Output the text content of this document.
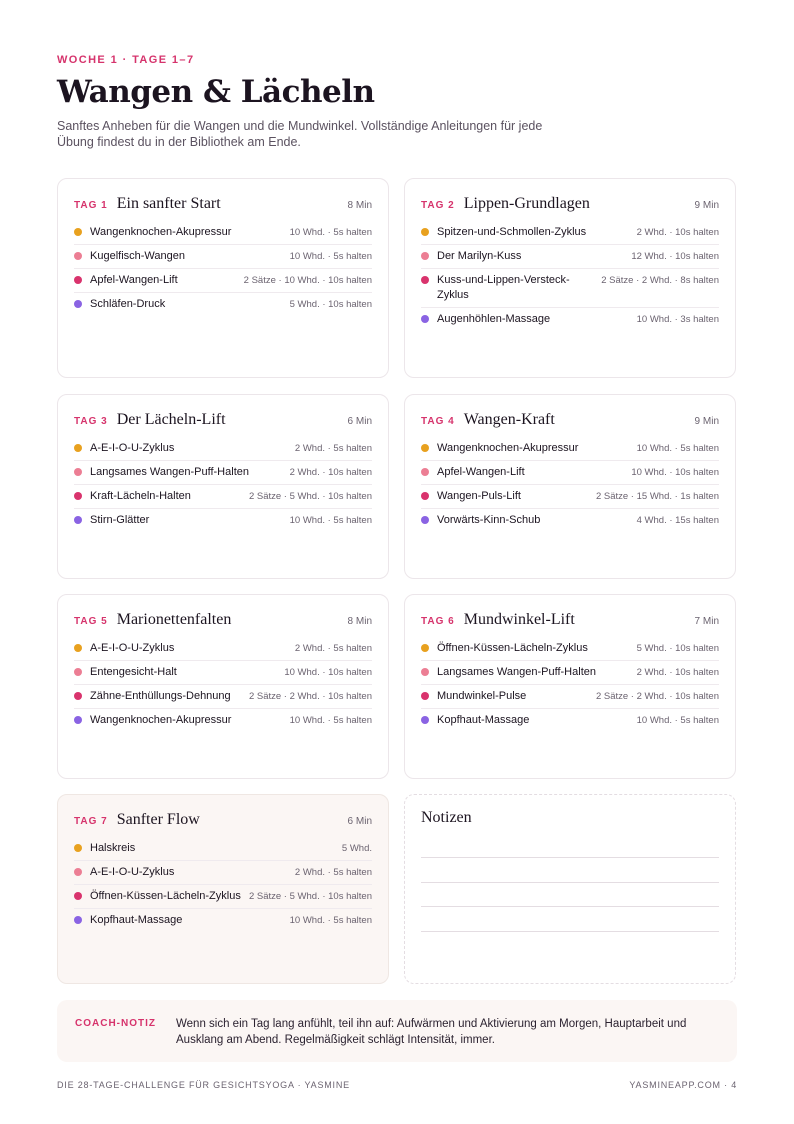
WOCHE 1 · TAGE 1–7
Wangen & Lächeln

Sanftes Anheben für die Wangen und die Mundwinkel. Vollständige Anleitungen für jede Übung findest du in der Bibliothek am Ende.

TAG 1 Ein sanfter Start	8 Min
Wangenknochen-Akupressur	10 Whd. · 5s halten
Kugelfisch-Wangen	10 Whd. · 5s halten
Apfel-Wangen-Lift	2 Sätze · 10 Whd. · 10s halten
Schläfen-Druck	5 Whd. · 10s halten
TAG 2 Lippen-Grundlagen	9 Min
Spitzen-und-Schmollen-Zyklus	2 Whd. · 10s halten
Der Marilyn-Kuss	12 Whd. · 10s halten
Kuss-und-Lippen-Versteck-Zyklus
2 Sätze · 2 Whd. · 8s halten
Augenhöhlen-Massage	10 Whd. · 3s halten
TAG 3 Der Lächeln-Lift	6 Min
A-E-I-O-U-Zyklus	2 Whd. · 5s halten
Langsames Wangen-Puff-Halten	2 Whd. · 10s halten
Kraft-Lächeln-Halten	2 Sätze · 5 Whd. · 10s halten
Stirn-Glätter	10 Whd. · 5s halten
TAG 4 Wangen-Kraft	9 Min
Wangenknochen-Akupressur	10 Whd. · 5s halten
Apfel-Wangen-Lift	10 Whd. · 10s halten
Wangen-Puls-Lift	2 Sätze · 15 Whd. · 1s halten
Vorwärts-Kinn-Schub	4 Whd. · 15s halten
TAG 5 Marionettenfalten	8 Min
A-E-I-O-U-Zyklus	2 Whd. · 5s halten
Entengesicht-Halt	10 Whd. · 10s halten
Zähne-Enthüllungs-Dehnung	2 Sätze · 2 Whd. · 10s halten
Wangenknochen-Akupressur	10 Whd. · 5s halten
TAG 6 Mundwinkel-Lift	7 Min
Öffnen-Küssen-Lächeln-Zyklus	5 Whd. · 10s halten
Langsames Wangen-Puff-Halten	2 Whd. · 10s halten
Mundwinkel-Pulse	2 Sätze · 2 Whd. · 10s halten
Kopfhaut-Massage	10 Whd. · 5s halten
TAG 7 Sanfter Flow	6 Min
Halskreis	5 Whd.
A-E-I-O-U-Zyklus	2 Whd. · 5s halten
Öffnen-Küssen-Lächeln-Zyklus 2 Sätze · 5 Whd. · 10s halten
Kopfhaut-Massage	10 Whd. · 5s halten
Notizen
COACH-NOTIZ	Wenn sich ein Tag lang anfühlt, teil ihn auf: Aufwärmen und Aktivierung am Morgen, Hauptarbeit und Ausklang am Abend. Regelmäßigkeit schlägt Intensität, immer.
DIE 28-TAGE-CHALLENGE FÜR GESICHTSYOGA · YASMINE	YASMINEAPP.COM · 4
